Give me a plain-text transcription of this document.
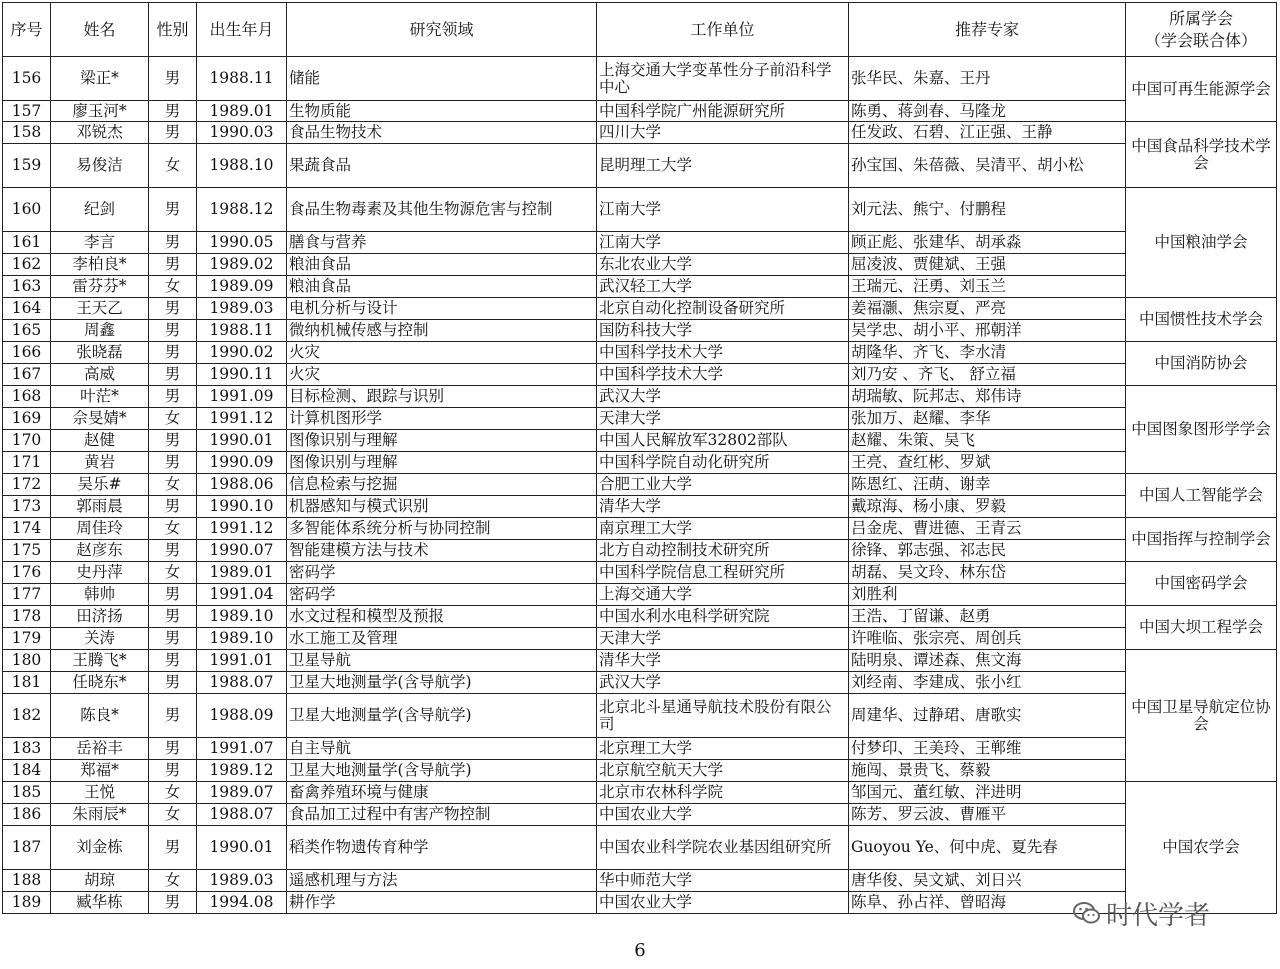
序号	姓名	性别	出生年月	研究领域	工作单位	推荐专家	所属学会
（学会联合体）
156	梁正*	男	1988.11	储能	上海交通大学变革性分子前沿科学中心	张华民、朱嘉、王丹	中国可再生能源学会
157	廖玉河*	男	1989.01	生物质能	中国科学院广州能源研究所	陈勇、蒋剑春、马隆龙	
158	邓锐杰	男	1990.03	食品生物技术	四川大学	任发政、石碧、江正强、王静	中国食品科学技术学会
159	易俊洁	女	1988.10	果蔬食品	昆明理工大学	孙宝国、朱蓓薇、吴清平、胡小松	
160	纪剑	男	1988.12	食品生物毒素及其他生物源危害与控制	江南大学	刘元法、熊宁、付鹏程	中国粮油学会
161	李言	男	1990.05	膳食与营养	江南大学	顾正彪、张建华、胡承淼	
162	李柏良*	男	1989.02	粮油食品	东北农业大学	屈凌波、贾健斌、王强	
163	雷芬芬*	女	1989.09	粮油食品	武汉轻工大学	王瑞元、汪勇、刘玉兰	
164	王天乙	男	1989.03	电机分析与设计	北京自动化控制设备研究所	姜福灏、焦宗夏、严亮	中国惯性技术学会
165	周鑫	男	1988.11	微纳机械传感与控制	国防科技大学	吴学忠、胡小平、邢朝洋	
166	张晓磊	男	1990.02	火灾	中国科学技术大学	胡隆华、齐飞、李水清	中国消防协会
167	高威	男	1990.11	火灾	中国科学技术大学	刘乃安 、齐飞、 舒立福	
168	叶茫*	男	1991.09	目标检测、跟踪与识别	武汉大学	胡瑞敏、阮邦志、郑伟诗	中国图象图形学学会
169	佘旻婧*	女	1991.12	计算机图形学	天津大学	张加万、赵耀、李华	
170	赵健	男	1990.01	图像识别与理解	中国人民解放军32802部队	赵耀、朱策、吴飞	
171	黄岩	男	1990.09	图像识别与理解	中国科学院自动化研究所	王亮、查红彬、罗斌	
172	吴乐#	女	1988.06	信息检索与挖掘	合肥工业大学	陈恩红、汪萌、谢幸	中国人工智能学会
173	郭雨晨	男	1990.10	机器感知与模式识别	清华大学	戴琼海、杨小康、罗毅	
174	周佳玲	女	1991.12	多智能体系统分析与协同控制	南京理工大学	吕金虎、曹进德、王青云	中国指挥与控制学会
175	赵彦东	男	1990.07	智能建模方法与技术	北方自动控制技术研究所	徐锋、郭志强、祁志民	
176	史丹萍	女	1989.01	密码学	中国科学院信息工程研究所	胡磊、吴文玲、林东岱	中国密码学会
177	韩帅	男	1991.04	密码学	上海交通大学	刘胜利	
178	田济扬	男	1989.10	水文过程和模型及预报	中国水利水电科学研究院	王浩、丁留谦、赵勇	中国大坝工程学会
179	关涛	男	1989.10	水工施工及管理	天津大学	许唯临、张宗亮、周创兵	
180	王腾飞*	男	1991.01	卫星导航	清华大学	陆明泉、谭述森、焦文海	中国卫星导航定位协会
181	任晓东*	男	1988.07	卫星大地测量学(含导航学)	武汉大学	刘经南、李建成、张小红	
182	陈良*	男	1988.09	卫星大地测量学(含导航学)	北京北斗星通导航技术股份有限公司	周建华、过静珺、唐歌实	
183	岳裕丰	男	1991.07	自主导航	北京理工大学	付梦印、王美玲、王郸维	
184	郑福*	男	1989.12	卫星大地测量学(含导航学)	北京航空航天大学	施闯、景贵飞、蔡毅	
185	王悦	女	1989.07	畜禽养殖环境与健康	北京市农林科学院	邹国元、董红敏、泮进明	中国农学会
186	朱雨辰*	女	1988.07	食品加工过程中有害产物控制	中国农业大学	陈芳、罗云波、曹雁平	
187	刘金栋	男	1990.01	稻类作物遗传育种学	中国农业科学院农业基因组研究所	Guoyou Ye、何中虎、夏先春	
188	胡琼	女	1989.03	遥感机理与方法	华中师范大学	唐华俊、吴文斌、刘日兴	
189	臧华栋	男	1994.08	耕作学	中国农业大学	陈阜、孙占祥、曾昭海		时代学者
6
